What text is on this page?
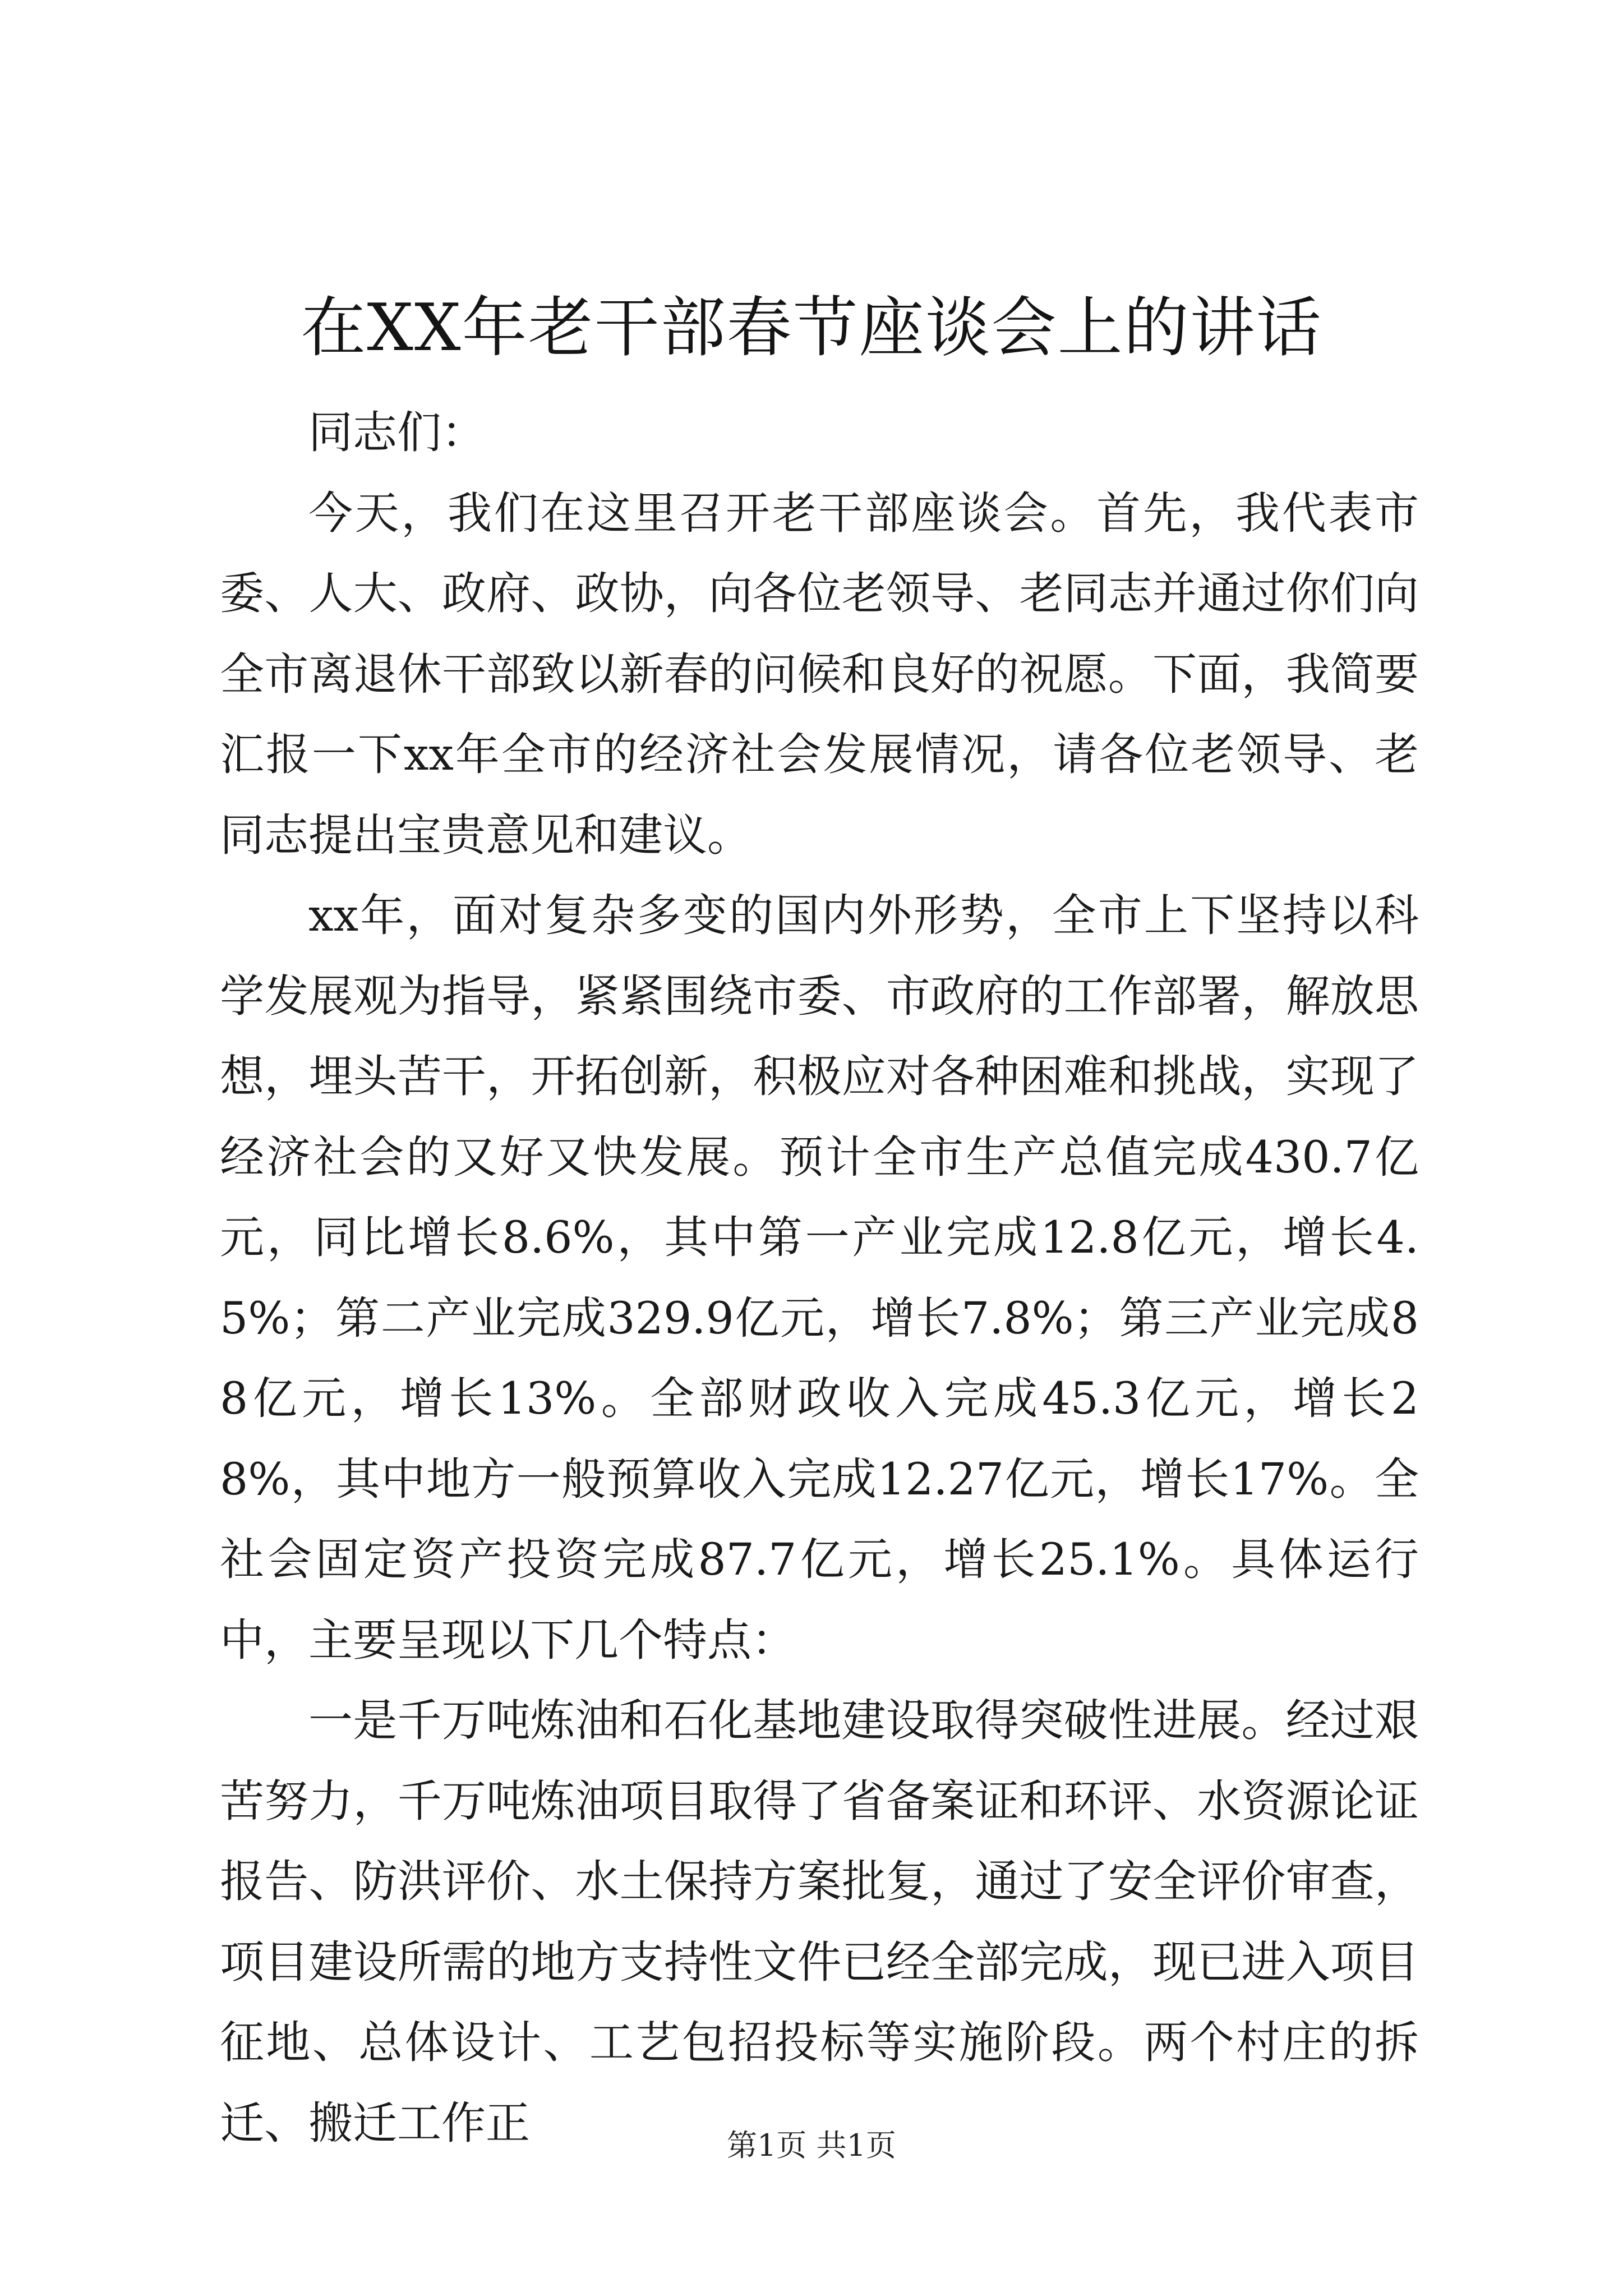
在XX年老干部春节座谈会上的讲话

同志们：

今天，我们在这里召开老干部座谈会。首先，我代表市委、人大、政府、政协，向各位老领导、老同志并通过你们向全市离退休干部致以新春的问候和良好的祝愿。下面，我简要汇报一下xx年全市的经济社会发展情况，请各位老领导、老同志提出宝贵意见和建议。

xx年，面对复杂多变的国内外形势，全市上下坚持以科学发展观为指导，紧紧围绕市委、市政府的工作部署，解放思想，埋头苦干，开拓创新，积极应对各种困难和挑战，实现了经济社会的又好又快发展。预计全市生产总值完成430.7亿元，同比增长8.6%，其中第一产业完成12.8亿元，增长4.5%；第二产业完成329.9亿元，增长7.8%；第三产业完成88亿元，增长13%。全部财政收入完成45.3亿元，增长28%，其中地方一般预算收入完成12.27亿元，增长17%。全社会固定资产投资完成87.7亿元，增长25.1%。具体运行中，主要呈现以下几个特点：

一是千万吨炼油和石化基地建设取得突破性进展。经过艰苦努力，千万吨炼油项目取得了省备案证和环评、水资源论证报告、防洪评价、水土保持方案批复，通过了安全评价审查，项目建设所需的地方支持性文件已经全部完成，现已进入项目征地、总体设计、工艺包招投标等实施阶段。两个村庄的拆迁、搬迁工作正	第1页 共1页
